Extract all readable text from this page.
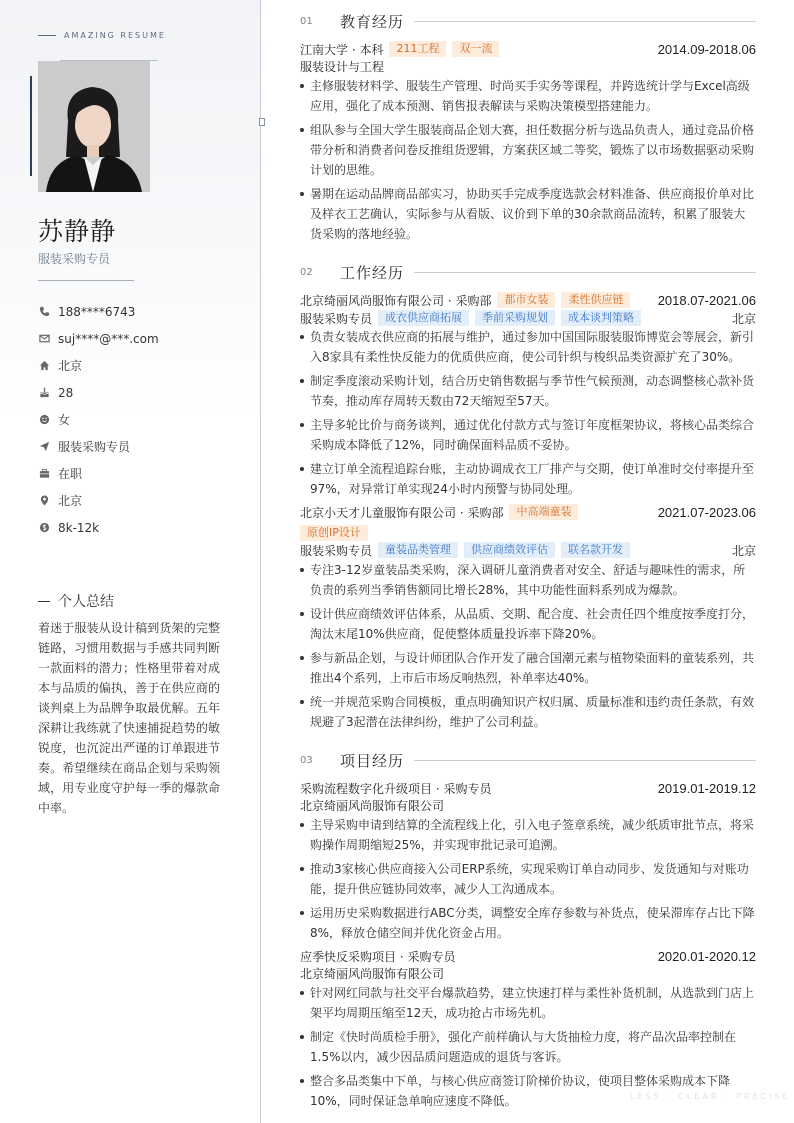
AMAZING RESUME
苏静静
服装采购专员
188****6743
suj****@***.com
北京
28
女
服装采购专员
在职
北京
8k-12k
个人总结
着迷于服装从设计稿到货架的完整链路，习惯用数据与手感共同判断一款面料的潜力；性格里带着对成本与品质的偏执，善于在供应商的谈判桌上为品牌争取最优解。五年深耕让我练就了快速捕捉趋势的敏锐度，也沉淀出严谨的订单跟进节奏。希望继续在商品企划与采购领域，用专业度守护每一季的爆款命中率。
01	教育经历
江南大学 · 本科	211工程	双一流	2014.09-2018.06
服装设计与工程
主修服装材料学、服装生产管理、时尚买手实务等课程，并跨选统计学与Excel高级应用，强化了成本预测、销售报表解读与采购决策模型搭建能力。
组队参与全国大学生服装商品企划大赛，担任数据分析与选品负责人，通过竞品价格带分析和消费者问卷反推组货逻辑，方案获区域二等奖，锻炼了以市场数据驱动采购计划的思维。
暑期在运动品牌商品部实习，协助买手完成季度选款会材料准备、供应商报价单对比及样衣工艺确认，实际参与从看版、议价到下单的30余款商品流转，积累了服装大货采购的落地经验。
02	工作经历
北京绮丽风尚服饰有限公司 · 采购部	都市女装	柔性供应链	2018.07-2021.06
服装采购专员	成衣供应商拓展	季前采购规划	成本谈判策略	北京
负责女装成衣供应商的拓展与维护，通过参加中国国际服装服饰博览会等展会，新引入8家具有柔性快反能力的优质供应商，使公司针织与梭织品类资源扩充了30%。
制定季度滚动采购计划，结合历史销售数据与季节性气候预测，动态调整核心款补货节奏，推动库存周转天数由72天缩短至57天。
主导多轮比价与商务谈判，通过优化付款方式与签订年度框架协议，将核心品类综合采购成本降低了12%，同时确保面料品质不妥协。
建立订单全流程追踪台账，主动协调成衣工厂排产与交期，使订单准时交付率提升至97%，对异常订单实现24小时内预警与协同处理。
北京小天才儿童服饰有限公司 · 采购部	中高端童装	2021.07-2023.06
原创IP设计
服装采购专员	童装品类管理	供应商绩效评估	联名款开发	北京
专注3-12岁童装品类采购，深入调研儿童消费者对安全、舒适与趣味性的需求，所负责的系列当季销售额同比增长28%，其中功能性面料系列成为爆款。
设计供应商绩效评估体系，从品质、交期、配合度、社会责任四个维度按季度打分，淘汰末尾10%供应商，促使整体质量投诉率下降20%。
参与新品企划，与设计师团队合作开发了融合国潮元素与植物染面料的童装系列，共推出4个系列，上市后市场反响热烈，补单率达40%。
统一并规范采购合同模板，重点明确知识产权归属、质量标准和违约责任条款，有效规避了3起潜在法律纠纷，维护了公司利益。
03	项目经历
采购流程数字化升级项目 · 采购专员	2019.01-2019.12
北京绮丽风尚服饰有限公司
主导采购申请到结算的全流程线上化，引入电子签章系统，减少纸质审批节点，将采购操作周期缩短25%，并实现审批记录可追溯。
推动3家核心供应商接入公司ERP系统，实现采购订单自动同步、发货通知与对账功能，提升供应链协同效率，减少人工沟通成本。
运用历史采购数据进行ABC分类，调整安全库存参数与补货点，使呆滞库存占比下降8%，释放仓储空间并优化资金占用。
应季快反采购项目 · 采购专员	2020.01-2020.12
北京绮丽风尚服饰有限公司
针对网红同款与社交平台爆款趋势，建立快速打样与柔性补货机制，从选款到门店上架平均周期压缩至12天，成功抢占市场先机。
制定《快时尚质检手册》，强化产前样确认与大货抽检力度，将产品次品率控制在1.5%以内，减少因品质问题造成的退货与客诉。
整合多品类集中下单，与核心供应商签订阶梯价协议，使项目整体采购成本下降10%，同时保证急单响应速度不降低。	LESS · CLEAR · PRECISE
